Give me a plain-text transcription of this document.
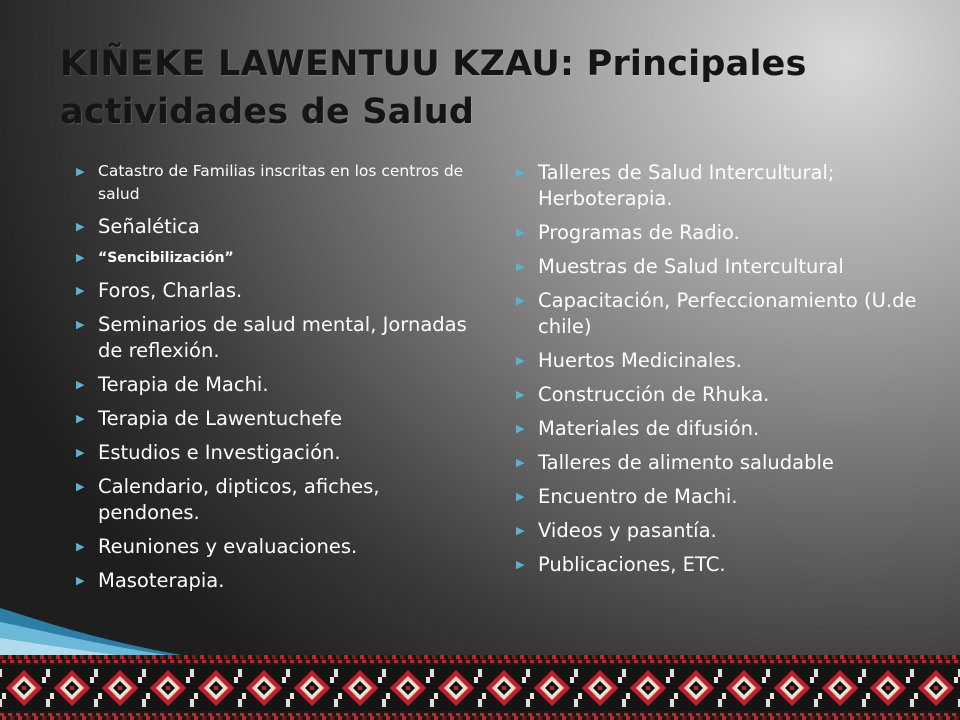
KIÑEKE LAWENTUU KZAU: Principales actividades de Salud
▶ Catastro de Familias inscritas en los centros de salud
▶ Señalética
▶ “Sencibilización”
▶ Foros, Charlas.
▶ Seminarios de salud mental, Jornadas de reflexión.
▶ Terapia de Machi.
▶ Terapia de Lawentuchefe
▶ Estudios e Investigación.
▶ Calendario, dipticos, afiches, pendones.
▶ Reuniones y evaluaciones.
▶ Masoterapia.
▶ Talleres de Salud Intercultural; Herboterapia.
▶ Programas de Radio.
▶ Muestras de Salud Intercultural
▶ Capacitación, Perfeccionamiento (U.de chile)
▶ Huertos Medicinales.
▶ Construcción de Rhuka.
▶ Materiales de difusión.
▶ Talleres de alimento saludable
▶ Encuentro de Machi.
▶ Videos y pasantía.
▶ Publicaciones, ETC.
